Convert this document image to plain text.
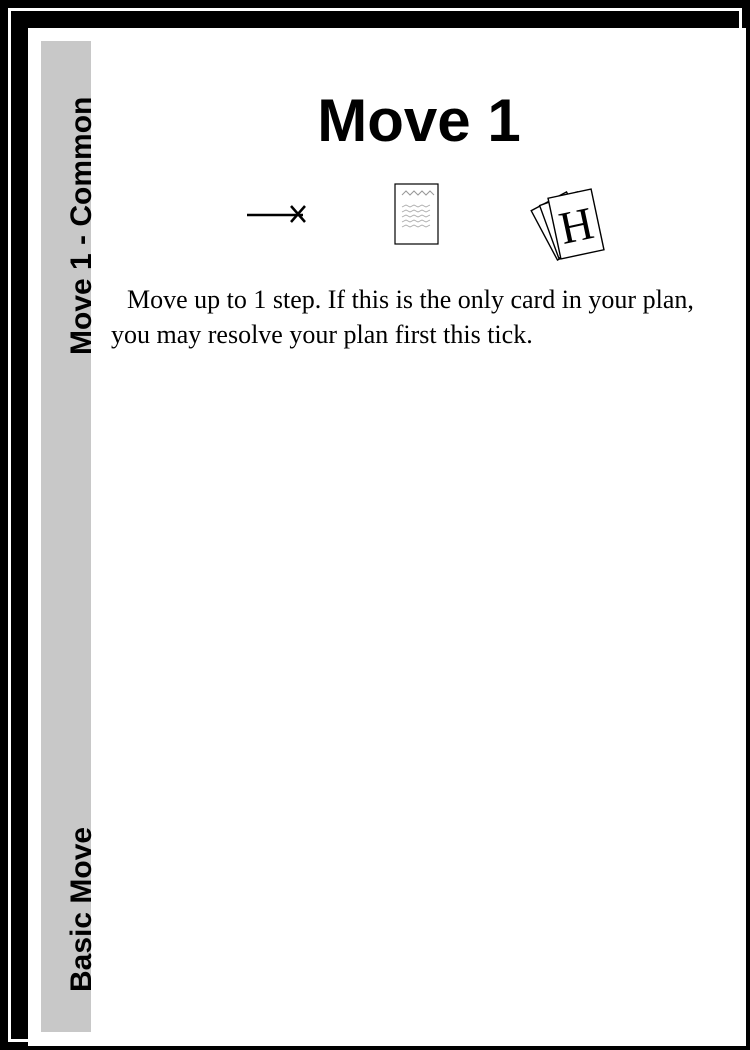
Move 1 - Common
Basic Move
Move 1
H

Move up to 1 step. If this is the only card in your plan, you may resolve your plan first this tick.
